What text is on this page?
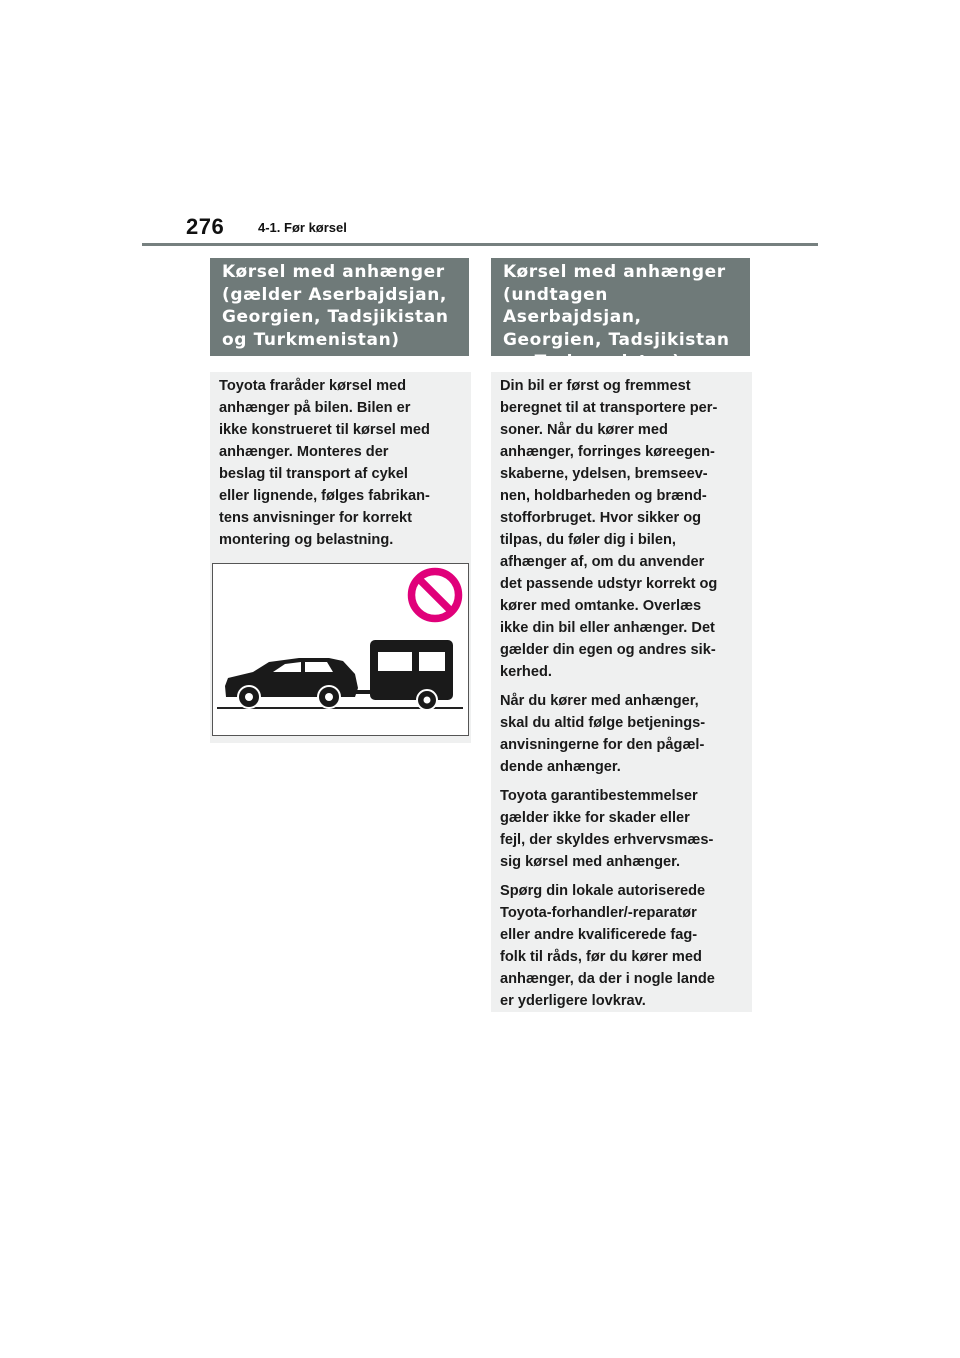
276	4-1. Før kørsel
Kørsel med anhænger
(gælder Aserbajdsjan,
Georgien, Tadsjikistan
og Turkmenistan)
Kørsel med anhænger
(undtagen Aserbajdsjan,
Georgien, Tadsjikistan
og Turkmenistan)
Toyota fraråder kørsel med
anhænger på bilen. Bilen er
ikke konstrueret til kørsel med
anhænger. Monteres der
beslag til transport af cykel
eller lignende, følges fabrikan-
tens anvisninger for korrekt
montering og belastning.
Din bil er først og fremmest
beregnet til at transportere per-
soner. Når du kører med
anhænger, forringes køreegen-
skaberne, ydelsen, bremseev-
nen, holdbarheden og brænd-
stofforbruget. Hvor sikker og
tilpas, du føler dig i bilen,
afhænger af, om du anvender
det passende udstyr korrekt og
kører med omtanke. Overlæs
ikke din bil eller anhænger. Det
gælder din egen og andres sik-
kerhed.
Når du kører med anhænger,
skal du altid følge betjenings-
anvisningerne for den pågæl-
dende anhænger.
Toyota garantibestemmelser
gælder ikke for skader eller
fejl, der skyldes erhvervsmæs-
sig kørsel med anhænger.
Spørg din lokale autoriserede
Toyota-forhandler/-reparatør
eller andre kvalificerede fag-
folk til råds, før du kører med
anhænger, da der i nogle lande
er yderligere lovkrav.
